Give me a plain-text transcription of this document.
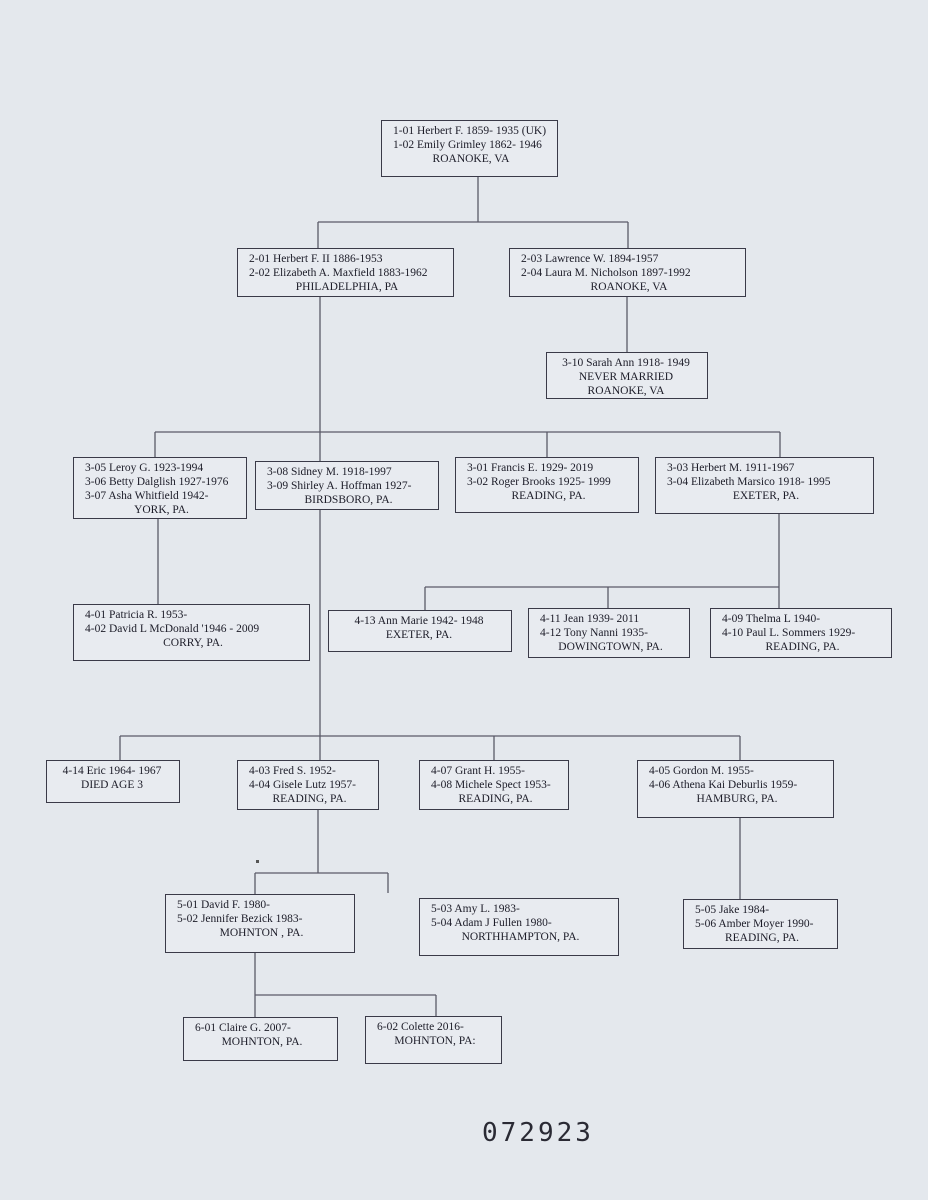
1-01 Herbert F. 1859- 1935 (UK)
1-02 Emily Grimley 1862- 1946
ROANOKE, VA
2-01 Herbert F. II 1886-1953
2-02 Elizabeth A. Maxfield 1883-1962
PHILADELPHIA, PA
2-03 Lawrence W. 1894-1957
2-04 Laura M. Nicholson 1897-1992
ROANOKE, VA
3-10 Sarah Ann 1918- 1949
NEVER MARRIED
ROANOKE, VA
3-05 Leroy G. 1923-1994
3-06 Betty Dalglish 1927-1976
3-07 Asha Whitfield 1942-
YORK, PA.
3-08 Sidney M. 1918-1997
3-09 Shirley A. Hoffman 1927-
BIRDSBORO, PA.
3-01 Francis E. 1929- 2019
3-02 Roger Brooks 1925- 1999
READING, PA.
3-03 Herbert M. 1911-1967
3-04 Elizabeth Marsico 1918- 1995
EXETER, PA.
4-01 Patricia R. 1953-
4-02 David L McDonald '1946 - 2009
CORRY, PA.
4-13 Ann Marie 1942- 1948
EXETER, PA.
4-11 Jean 1939- 2011
4-12 Tony Nanni 1935-
DOWINGTOWN, PA.
4-09 Thelma L 1940-
4-10 Paul L. Sommers 1929-
READING, PA.
4-14 Eric 1964- 1967
DIED AGE 3
4-03 Fred S. 1952-
4-04 Gisele Lutz 1957-
READING, PA.
4-07 Grant H. 1955-
4-08 Michele Spect 1953-
READING, PA.
4-05 Gordon M. 1955-
4-06 Athena Kai Deburlis 1959-
HAMBURG, PA.
5-01 David F. 1980-
5-02 Jennifer Bezick 1983-
MOHNTON , PA.
5-03 Amy L. 1983-
5-04 Adam J Fullen 1980-
NORTHHAMPTON, PA.
5-05 Jake 1984-
5-06 Amber Moyer 1990-
READING, PA.
6-01 Claire G. 2007-
MOHNTON, PA.
6-02 Colette 2016-
MOHNTON, PA:
072923
